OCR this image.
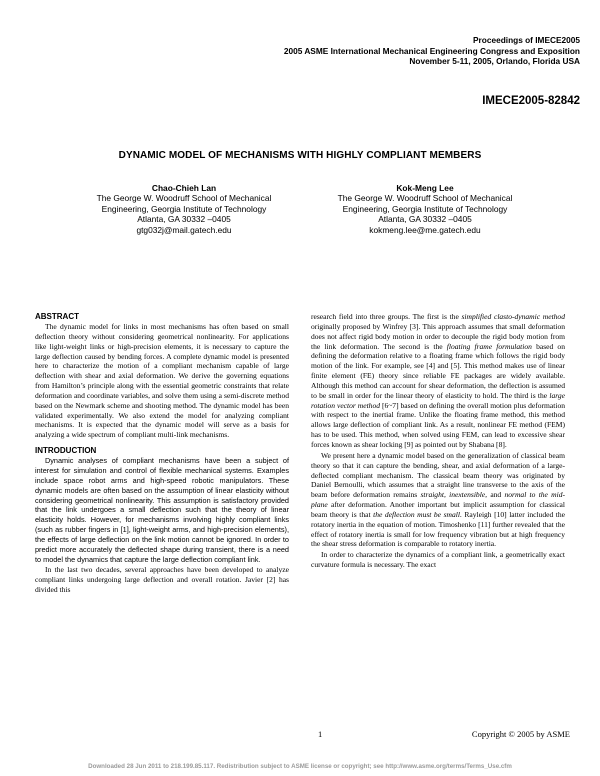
Proceedings of IMECE2005
2005 ASME International Mechanical Engineering Congress and Exposition
November 5-11, 2005, Orlando, Florida USA
IMECE2005-82842
DYNAMIC MODEL OF MECHANISMS WITH HIGHLY COMPLIANT MEMBERS
Chao-Chieh Lan
The George W. Woodruff School of Mechanical
Engineering, Georgia Institute of Technology
Atlanta, GA 30332 –0405
gtg032j@mail.gatech.edu
Kok-Meng Lee
The George W. Woodruff School of Mechanical
Engineering, Georgia Institute of Technology
Atlanta, GA 30332 –0405
kokmeng.lee@me.gatech.edu
ABSTRACT

The dynamic model for links in most mechanisms has often based on small deflection theory without considering geometrical nonlinearity. For applications like light-weight links or high-precision elements, it is necessary to capture the large deflection caused by bending forces. A complete dynamic model is presented here to characterize the motion of a compliant mechanism capable of large deflection with shear and axial deformation. We derive the governing equations from Hamilton’s principle along with the essential geometric constraints that relate deformation and coordinate variables, and solve them using a semi-discrete method based on the Newmark scheme and shooting method. The dynamic model has been validated experimentally. We also extend the model for analyzing compliant mechanisms. It is expected that the dynamic model will serve as a basis for analyzing a wide spectrum of compliant multi-link mechanisms.

INTRODUCTION

Dynamic analyses of compliant mechanisms have been a subject of interest for simulation and control of flexible mechanical systems. Examples include space robot arms and high-speed robotic manipulators. These dynamic models are often based on the assumption of linear elasticity without considering geometrical nonlinearity. This assumption is satisfactory provided that the link undergoes a small deflection such that the theory of linear elasticity holds. However, for mechanisms involving highly compliant links (such as rubber fingers in [1], light-weight arms, and high-precision elements), the effects of large deflection on the link motion cannot be ignored. In order to predict more accurately the deflected shape during transient, there is a need to model the dynamics that capture the large deflection compliant link.

In the last two decades, several approaches have been developed to analyze compliant links undergoing large deflection and overall rotation. Javier [2] has divided this

research field into three groups. The first is the simplified clasto-dynamic method originally proposed by Winfrey [3]. This approach assumes that small deformation does not affect rigid body motion in order to decouple the rigid body motion from the link deformation. The second is the floating frame formulation based on defining the deformation relative to a floating frame which follows the rigid body motion of the link. For example, see [4] and [5]. This method makes use of linear finite element (FE) theory since reliable FE packages are widely available. Although this method can account for shear deformation, the deflection is assumed to be small in order for the linear theory of elasticity to hold. The third is the large rotation vector method [6~7] based on defining the overall motion plus deformation with respect to the inertial frame. Unlike the floating frame method, this method allows large deflection of compliant link. As a result, nonlinear FE method (FEM) has to be used. This method, when solved using FEM, can lead to excessive shear forces known as shear locking [9] as pointed out by Shabana [8].

We present here a dynamic model based on the generalization of classical beam theory so that it can capture the bending, shear, and axial deformation of a large-deflected compliant mechanism. The classical beam theory was originated by Daniel Bernoulli, which assumes that a straight line transverse to the axis of the beam before deformation remains straight, inextensible, and normal to the mid-plane after deformation. Another important but implicit assumption for classical beam theory is that the deflection must be small. Rayleigh [10] latter included the rotatory inertia in the equation of motion. Timoshenko [11] further revealed that the effect of rotatory inertia is small for low frequency vibration but at high frequency the shear stress deformation is comparable to rotatory inertia.

In order to characterize the dynamics of a compliant link, a geometrically exact curvature formula is necessary. The exact

1	Copyright © 2005 by ASME
Downloaded 28 Jun 2011 to 218.199.85.117. Redistribution subject to ASME license or copyright; see http://www.asme.org/terms/Terms_Use.cfm
